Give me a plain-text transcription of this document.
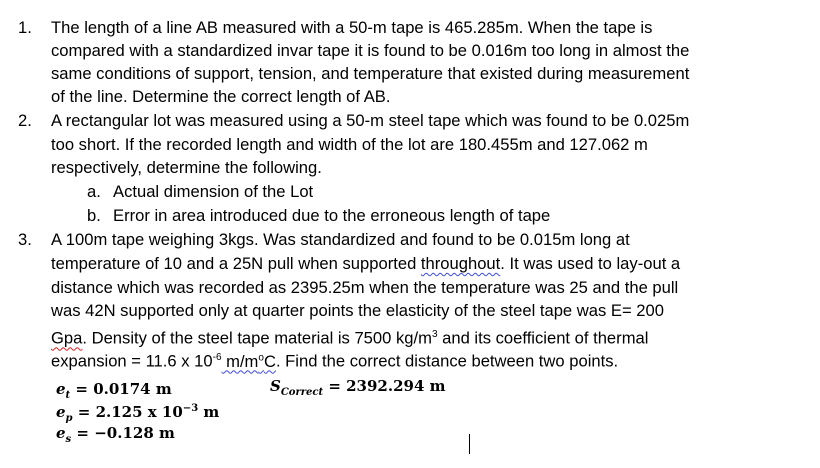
1. The length of a line AB measured with a 50-m tape is 465.285m. When the tape is
compared with a standardized invar tape it is found to be 0.016m too long in almost the
same conditions of support, tension, and temperature that existed during measurement
of the line. Determine the correct length of AB.
2. A rectangular lot was measured using a 50-m steel tape which was found to be 0.025m
too short. If the recorded length and width of the lot are 180.455m and 127.062 m
respectively, determine the following.
a. Actual dimension of the Lot
b. Error in area introduced due to the erroneous length of tape
3. A 100m tape weighing 3kgs. Was standardized and found to be 0.015m long at
temperature of 10 and a 25N pull when supported throughout. It was used to lay-out a
distance which was recorded as 2395.25m when the temperature was 25 and the pull
was 42N supported only at quarter points the elasticity of the steel tape was E= 200
Gpa. Density of the steel tape material is 7500 $kg/m^3$ and its coefficient of thermal
expansion = 11.6 x $10^{-6}$ $m/m^oC$. Find the correct distance between two points.
$e_t = 0.0174$ m
$e_p = 2.125$ x $10^{-3}$ m
$e_s = -0.128$ m
$S_{Correct} = 2392.294$ m
